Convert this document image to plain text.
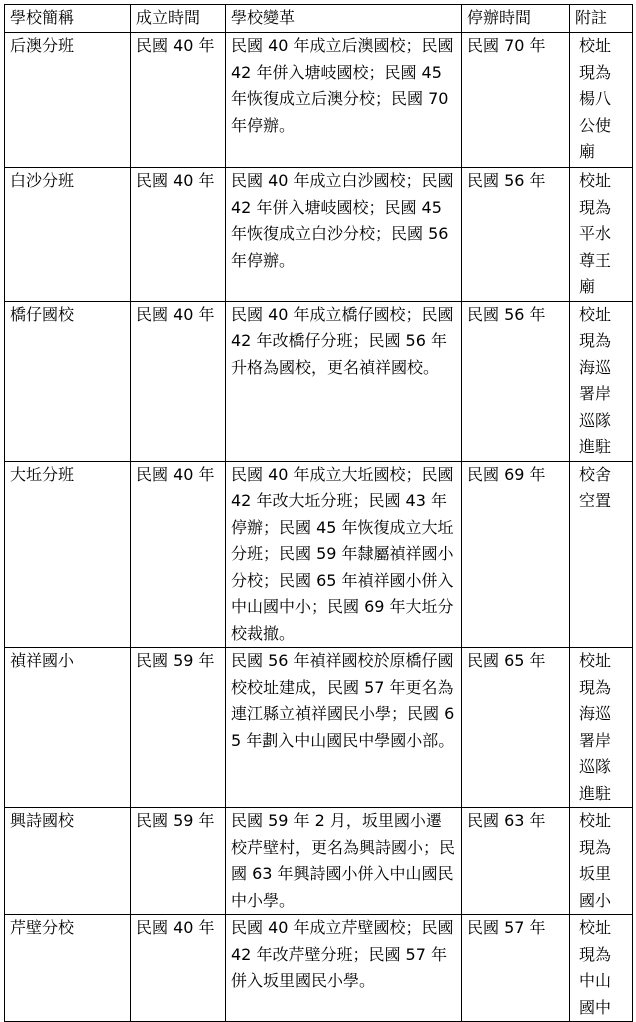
學校簡稱	成立時間	學校變革	停辦時間	附註
后澳分班	民國 40 年	民國 40 年成立后澳國校；民國 42 年併入塘岐國校；民國 45 年恢復成立后澳分校；民國 70 年停辦。	民國 70 年	校址現為楊八公使廟
白沙分班	民國 40 年	民國 40 年成立白沙國校；民國 42 年併入塘岐國校；民國 45 年恢復成立白沙分校；民國 56 年停辦。	民國 56 年	校址現為平水尊王廟
橋仔國校	民國 40 年	民國 40 年成立橋仔國校；民國 42 年改橋仔分班；民國 56 年升格為國校，更名禎祥國校。	民國 56 年	校址現為海巡署岸巡隊進駐
大坵分班	民國 40 年	民國 40 年成立大坵國校；民國 42 年改大坵分班；民國 43 年停辦；民國 45 年恢復成立大坵分班；民國 59 年隸屬禎祥國小分校；民國 65 年禎祥國小併入中山國中小；民國 69 年大坵分校裁撤。	民國 69 年	校舍空置
禎祥國小	民國 59 年	民國 56 年禎祥國校於原橋仔國校校址建成，民國 57 年更名為連江縣立禎祥國民小學；民國 65 年劃入中山國民中學國小部。	民國 65 年	校址現為海巡署岸巡隊進駐
興詩國校	民國 59 年	民國 59 年 2 月，坂里國小遷校芹壁村，更名為興詩國小；民國 63 年興詩國小併入中山國民中小學。	民國 63 年	校址現為坂里國小
芹壁分校	民國 40 年	民國 40 年成立芹壁國校；民國 42 年改芹壁分班；民國 57 年併入坂里國民小學。	民國 57 年	校址現為中山國中
